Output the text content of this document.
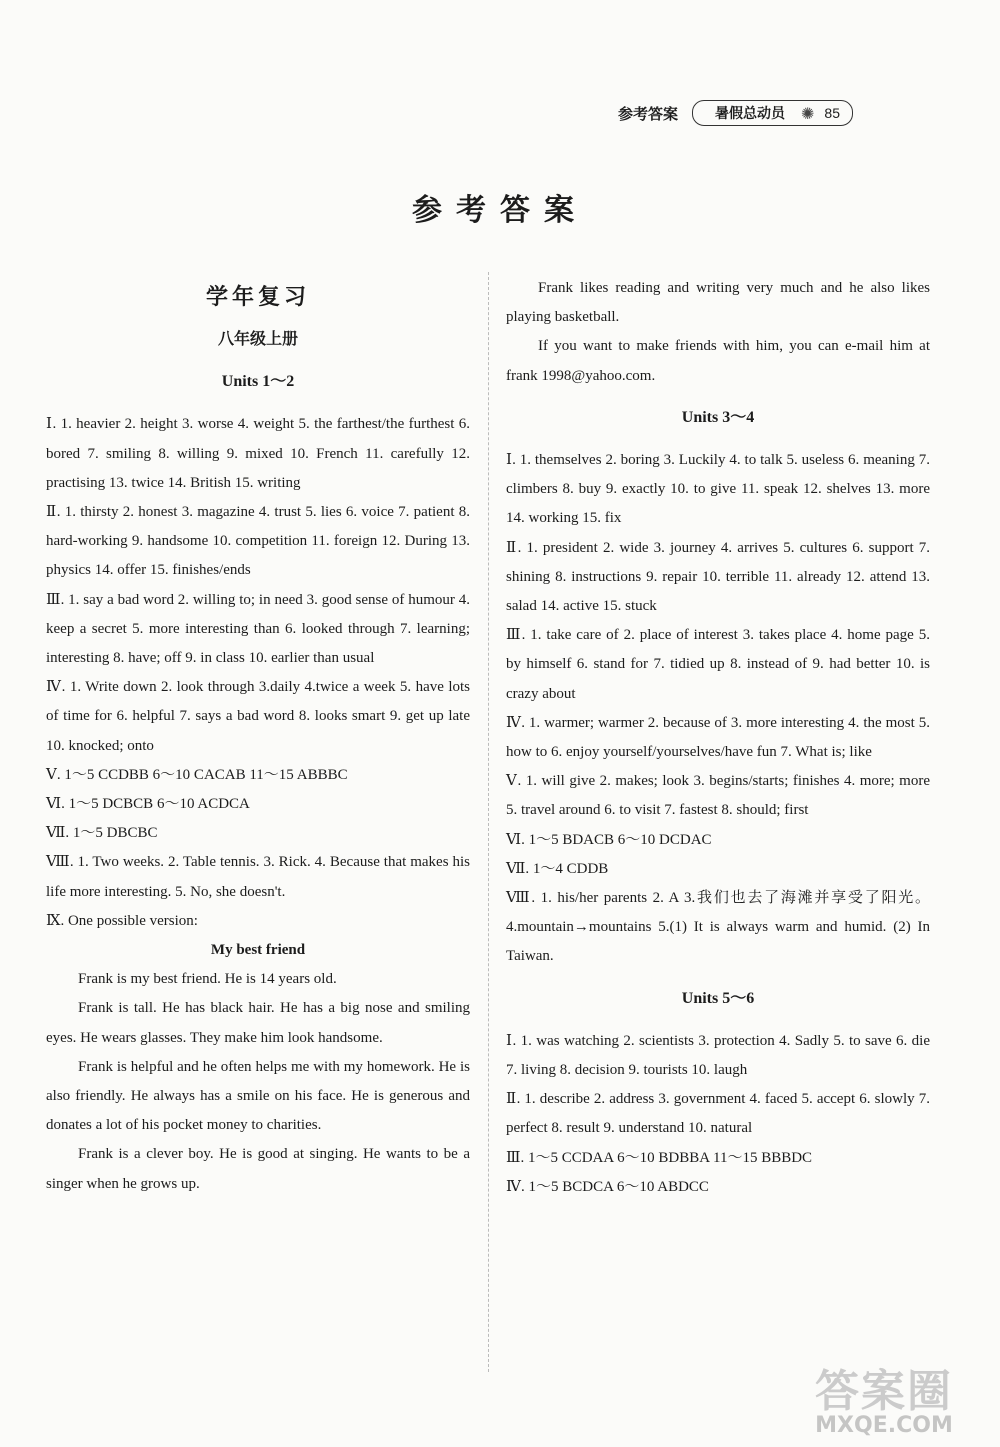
参考答案	暑假总动员 ✺ 85
参考答案
学年复习
八年级上册
Units 1～2

Ⅰ. 1. heavier 2. height 3. worse 4. weight 5. the farthest/the furthest 6. bored 7. smiling 8. willing 9. mixed 10. French 11. carefully 12. practising 13. twice 14. British 15. writing

Ⅱ. 1. thirsty 2. honest 3. magazine 4. trust 5. lies 6. voice 7. patient 8. hard-working 9. handsome 10. competition 11. foreign 12. During 13. physics 14. offer 15. finishes/ends

Ⅲ. 1. say a bad word 2. willing to; in need 3. good sense of humour 4. keep a secret 5. more interesting than 6. looked through 7. learning; interesting 8. have; off 9. in class 10. earlier than usual

Ⅳ. 1. Write down 2. look through 3.daily 4.twice a week 5. have lots of time for 6. helpful 7. says a bad word 8. looks smart 9. get up late 10. knocked; onto

Ⅴ. 1～5 CCDBB 6～10 CACAB 11～15 ABBBC

Ⅵ. 1～5 DCBCB 6～10 ACDCA

Ⅶ. 1～5 DBCBC

Ⅷ. 1. Two weeks. 2. Table tennis. 3. Rick. 4. Because that makes his life more interesting. 5. No, she doesn't.

Ⅸ. One possible version:

My best friend

Frank is my best friend. He is 14 years old.

Frank is tall. He has black hair. He has a big nose and smiling eyes. He wears glasses. They make him look handsome.

Frank is helpful and he often helps me with my homework. He is also friendly. He always has a smile on his face. He is generous and donates a lot of his pocket money to charities.

Frank is a clever boy. He is good at singing. He wants to be a singer when he grows up.

Frank likes reading and writing very much and he also likes playing basketball.

If you want to make friends with him, you can e-mail him at frank 1998@yahoo.com.

Units 3～4

Ⅰ. 1. themselves 2. boring 3. Luckily 4. to talk 5. useless 6. meaning 7. climbers 8. buy 9. exactly 10. to give 11. speak 12. shelves 13. more 14. working 15. fix

Ⅱ. 1. president 2. wide 3. journey 4. arrives 5. cultures 6. support 7. shining 8. instructions 9. repair 10. terrible 11. already 12. attend 13. salad 14. active 15. stuck

Ⅲ. 1. take care of 2. place of interest 3. takes place 4. home page 5. by himself 6. stand for 7. tidied up 8. instead of 9. had better 10. is crazy about

Ⅳ. 1. warmer; warmer 2. because of 3. more interesting 4. the most 5. how to 6. enjoy yourself/yourselves/have fun 7. What is; like

Ⅴ. 1. will give 2. makes; look 3. begins/starts; finishes 4. more; more 5. travel around 6. to visit 7. fastest 8. should; first

Ⅵ. 1～5 BDACB 6～10 DCDAC

Ⅶ. 1～4 CDDB

Ⅷ. 1. his/her parents 2. A 3.我们也去了海滩并享受了阳光。 4.mountain→mountains 5.(1) It is always warm and humid. (2) In Taiwan.

Units 5～6

Ⅰ. 1. was watching 2. scientists 3. protection 4. Sadly 5. to save 6. die 7. living 8. decision 9. tourists 10. laugh

Ⅱ. 1. describe 2. address 3. government 4. faced 5. accept 6. slowly 7. perfect 8. result 9. understand 10. natural

Ⅲ. 1～5 CCDAA 6～10 BDBBA 11～15 BBBDC

Ⅳ. 1～5 BCDCA 6～10 ABDCC

答案圈
MXQE.COM
